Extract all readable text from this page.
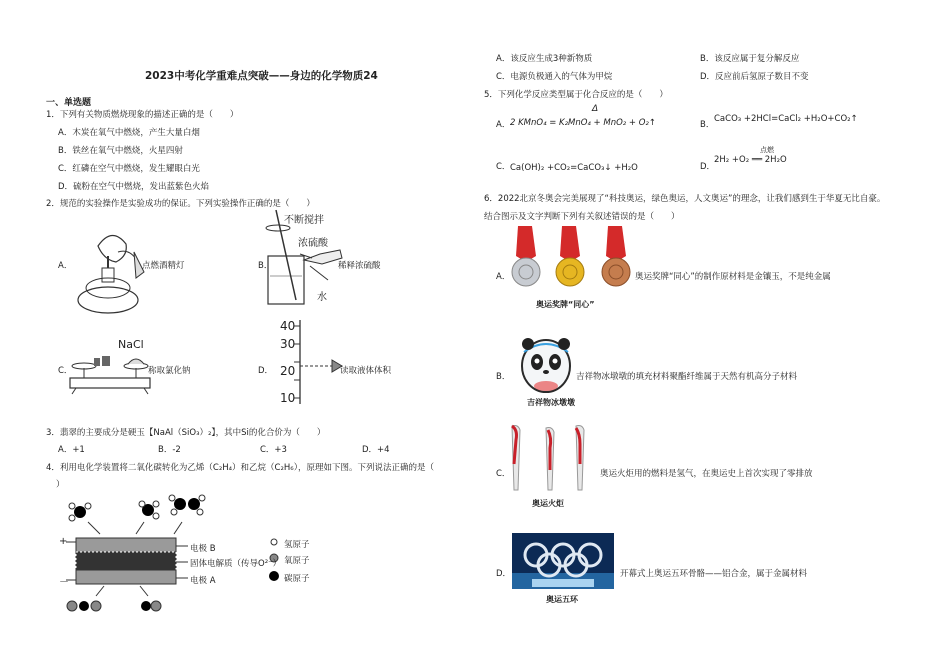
2023中考化学重难点突破——身边的化学物质24
一、单选题
1．下列有关物质燃烧现象的描述正确的是（　　）
A．木炭在氧气中燃烧，产生大量白烟
B．铁丝在氧气中燃烧，火星四射
C．红磷在空气中燃烧，发生耀眼白光
D．硫粉在空气中燃烧，发出蓝紫色火焰
2．规范的实验操作是实验成功的保证。下列实验操作正确的是（　　）
A．	点燃酒精灯	B．
不断搅拌
浓硫酸
水
稀释浓硫酸
C．
NaCl
称取氯化钠	D．
40
30
20
10
读取液体体积
3．翡翠的主要成分是硬玉【NaAl（SiO₃）₂】，其中Si的化合价为（　　）
A．+1	B．-2	C．+3	D．+4
4．利用电化学装置将二氧化碳转化为乙烯（C₂H₄）和乙烷（C₂H₆），原理如下图。下列说法正确的是（
）
+
－
电极 B
固体电解质（传导O²⁻）
电极 A
氢原子
氧原子
碳原子
A．该反应生成3种新物质	B．该反应属于复分解反应
C．电源负极通入的气体为甲烷	D．反应前后氢原子数目不变
5．下列化学反应类型属于化合反应的是（　　）
A．
Δ
2 KMnO₄ = K₂MnO₄ + MnO₂ + O₂↑	B．
CaCO₃ +2HCl=CaCl₂ +H₂O+CO₂↑
C． Ca(OH)₂ +CO₂=CaCO₃↓ +H₂O	D．
点燃
2H₂ +O₂ ══ 2H₂O
6．2022北京冬奥会完美展现了“科技奥运，绿色奥运，人文奥运”的理念，让我们感到生于华夏无比自豪。
结合图示及文字判断下列有关叙述错误的是（　　）
A．
奥运奖牌“同心”
奥运奖牌“同心”的制作原材料是金镶玉，不是纯金属
B．
吉祥物冰墩墩
吉祥物冰墩墩的填充材料聚酯纤维属于天然有机高分子材料
C．
奥运火炬
奥运火炬用的燃料是氢气，在奥运史上首次实现了零排放
D．
奥运五环
开幕式上奥运五环骨骼——铝合金，属于金属材料
